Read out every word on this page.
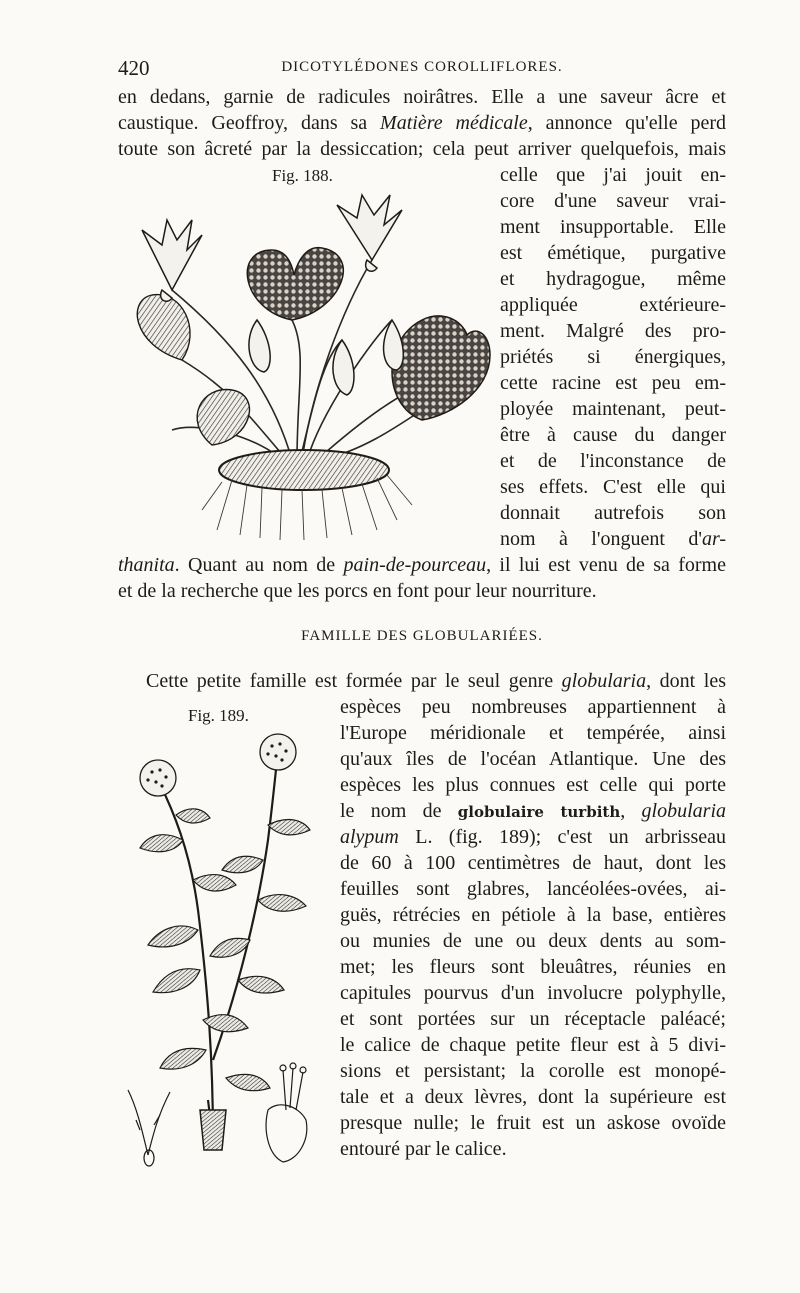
420	DICOTYLÉDONES COROLLIFLORES.
en dedans, garnie de radicules noirâtres. Elle a une saveur âcre et
caustique. Geoffroy, dans sa Matière médicale, annonce qu'elle perd
toute son âcreté par la dessiccation; cela peut arriver quelquefois, mais
Fig. 188.	celle que j'ai jouit en-
core d'une saveur vrai-
ment insupportable. Elle
est émétique, purgative
et hydragogue, même
appliquée extérieure-
ment. Malgré des pro-
priétés si énergiques,
cette racine est peu em-
ployée maintenant, peut-
être à cause du danger
et de l'inconstance de
ses effets. C'est elle qui
donnait autrefois son
nom à l'onguent d'ar-
thanita. Quant au nom de pain-de-pourceau, il lui est venu de sa forme
et de la recherche que les porcs en font pour leur nourriture.
FAMILLE DES GLOBULARIÉES.
Cette petite famille est formée par le seul genre globularia, dont les
Fig. 189.	espèces peu nombreuses appartiennent à
l'Europe méridionale et tempérée, ainsi
qu'aux îles de l'océan Atlantique. Une des
espèces les plus connues est celle qui porte
le nom de globulaire turbith, globularia
alypum L. (fig. 189); c'est un arbrisseau
de 60 à 100 centimètres de haut, dont les
feuilles sont glabres, lancéolées-ovées, ai-
guës, rétrécies en pétiole à la base, entières
ou munies de une ou deux dents au som-
met; les fleurs sont bleuâtres, réunies en
capitules pourvus d'un involucre polyphylle,
et sont portées sur un réceptacle paléacé;
le calice de chaque petite fleur est à 5 divi-
sions et persistant; la corolle est monopé-
tale et a deux lèvres, dont la supérieure est
presque nulle; le fruit est un askose ovoïde
entouré par le calice.
